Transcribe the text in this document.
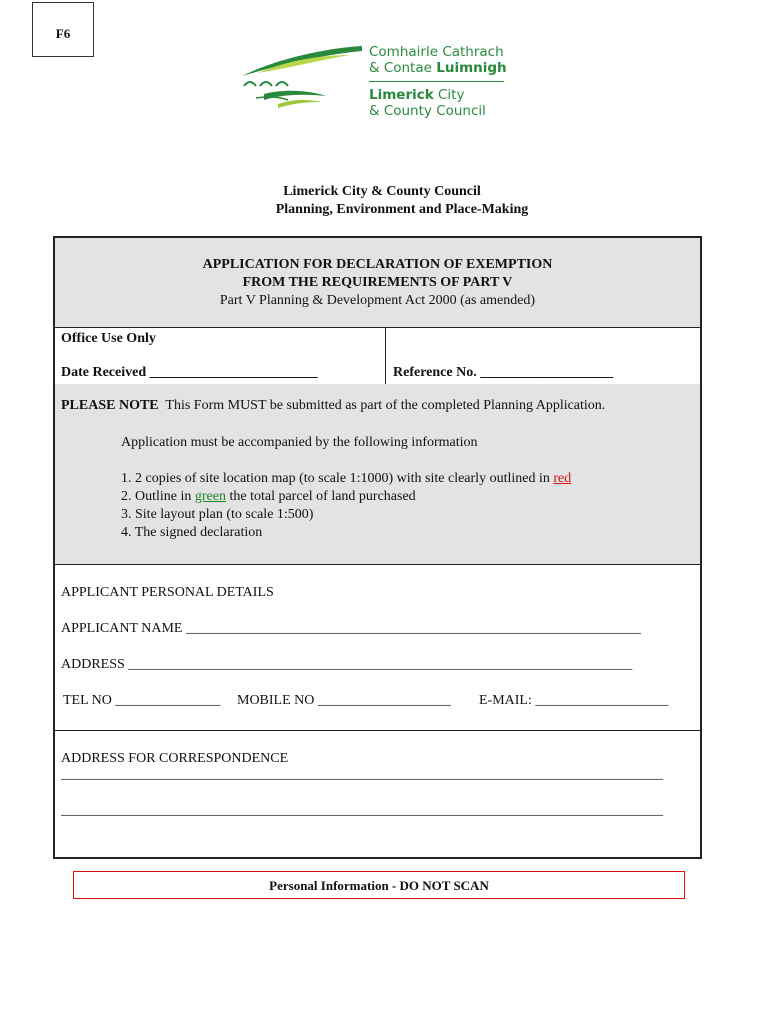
F6
Comhairle Cathrach
& Contae Luimnigh
Limerick City
& County Council
Limerick City & County Council
Planning, Environment and Place-Making
APPLICATION FOR DECLARATION OF EXEMPTION
FROM THE REQUIREMENTS OF PART V
Part V Planning & Development Act 2000 (as amended)
Office Use Only
Date Received ________________________	Reference No. ___________________
PLEASE NOTE This Form MUST be submitted as part of the completed Planning Application.
Application must be accompanied by the following information
1. 2 copies of site location map (to scale 1:1000) with site clearly outlined in red
2. Outline in green the total parcel of land purchased
3. Site layout plan (to scale 1:500)
4. The signed declaration
APPLICANT PERSONAL DETAILS
APPLICANT NAME _________________________________________________________________
ADDRESS ________________________________________________________________________
TEL NO _______________ MOBILE NO ___________________ E-MAIL: ___________________
ADDRESS FOR CORRESPONDENCE
______________________________________________________________________________________
______________________________________________________________________________________
Personal Information - DO NOT SCAN
